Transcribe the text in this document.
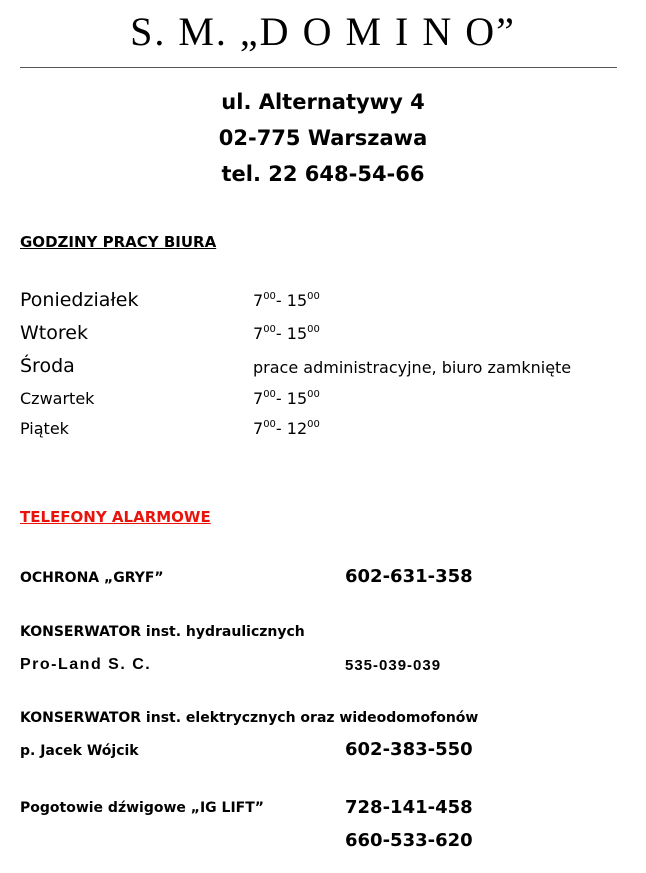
S. M. „D O M I N O”
ul. Alternatywy 4
02-775 Warszawa
tel. 22 648-54-66
GODZINY PRACY BIURA
Poniedziałek	$7^{00}-$ $15^{00}$
Wtorek	$7^{00}-$ $15^{00}$
Środa	prace administracyjne, biuro zamknięte
Czwartek	$7^{00}-$ $15^{00}$
Piątek	$7^{00}-$ $12^{00}$
TELEFONY ALARMOWE
OCHRONA „GRYF”	602-631-358
KONSERWATOR inst. hydraulicznych
Pro-Land S. C.	535-039-039
KONSERWATOR inst. elektrycznych oraz wideodomofonów
p. Jacek Wójcik	602-383-550
Pogotowie dźwigowe „IG LIFT”	728-141-458
660-533-620
